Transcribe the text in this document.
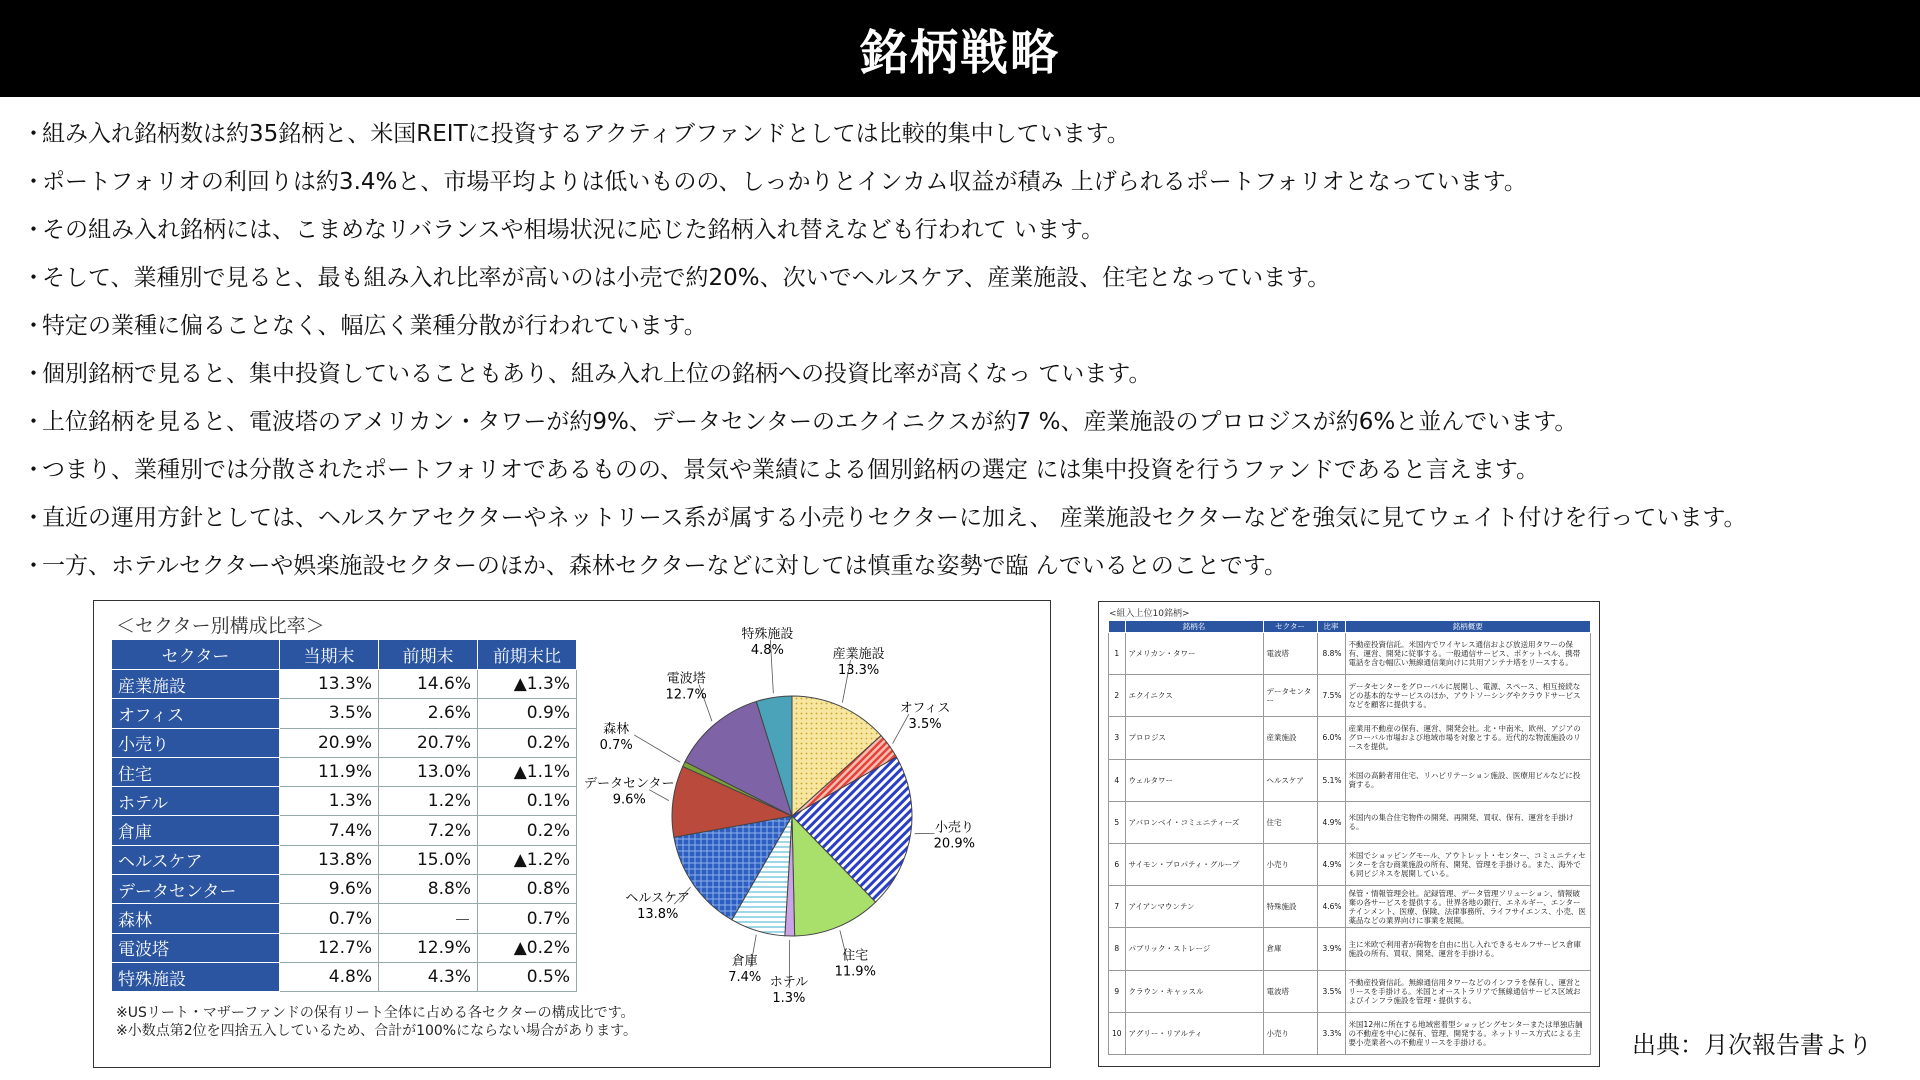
銘柄戦略
・組み入れ銘柄数は約35銘柄と、米国REITに投資するアクティブファンドとしては比較的集中しています。
・ポートフォリオの利回りは約3.4%と、市場平均よりは低いものの、しっかりとインカム収益が積み 上げられるポートフォリオとなっています。
・その組み入れ銘柄には、こまめなリバランスや相場状況に応じた銘柄入れ替えなども行われて います。
・そして、業種別で見ると、最も組み入れ比率が高いのは小売で約20%、次いでヘルスケア、産業施設、住宅となっています。
・特定の業種に偏ることなく、幅広く業種分散が行われています。
・個別銘柄で見ると、集中投資していることもあり、組み入れ上位の銘柄への投資比率が高くなっ ています。
・上位銘柄を見ると、電波塔のアメリカン・タワーが約9%、データセンターのエクイニクスが約7 %、産業施設のプロロジスが約6%と並んでいます。
・つまり、業種別では分散されたポートフォリオであるものの、景気や業績による個別銘柄の選定 には集中投資を行うファンドであると言えます。
・直近の運用方針としては、ヘルスケアセクターやネットリース系が属する小売りセクターに加え、 産業施設セクターなどを強気に見てウェイト付けを行っています。
・一方、ホテルセクターや娯楽施設セクターのほか、森林セクターなどに対しては慎重な姿勢で臨 んでいるとのことです。
＜セクター別構成比率＞
セクター	当期末	前期末	前期末比
産業施設	13.3%	14.6%	▲1.3%
オフィス	3.5%	2.6%	0.9%
小売り	20.9%	20.7%	0.2%
住宅	11.9%	13.0%	▲1.1%
ホテル	1.3%	1.2%	0.1%
倉庫	7.4%	7.2%	0.2%
ヘルスケア	13.8%	15.0%	▲1.2%
データセンター	9.6%	8.8%	0.8%
森林	0.7%	－	0.7%
電波塔	12.7%	12.9%	▲0.2%
特殊施設	4.8%	4.3%	0.5%
※USリート・マザーファンドの保有リート全体に占める各セクターの構成比です。
※小数点第2位を四捨五入しているため、合計が100%にならない場合があります。
産業施設
13.3%
オフィス
3.5%
小売り
20.9%
住宅
11.9%
ホテル
1.3%
倉庫
7.4%
ヘルスケア
13.8%
データセンター
9.6%
森林
0.7%
電波塔
12.7%
特殊施設
4.8%
<組入上位10銘柄>
	銘柄名	セクター	比率	銘柄概要
1	アメリカン・タワー	電波塔	8.8%	不動産投資信託。米国内でワイヤレス通信および放送用タワーの保有、運営、開発に従事する。一般通信サービス、ポケットベル、携帯電話を含む幅広い無線通信業向けに共用アンテナ塔をリースする。
2	エクイニクス	データセンター	7.5%	データセンターをグローバルに展開し、電源、スペース、相互接続などの基本的なサービスのほか、アウトソーシングやクラウドサービスなどを顧客に提供する。
3	プロロジス	産業施設	6.0%	産業用不動産の保有、運営、開発会社。北・中南米、欧州、アジアのグローバル市場および地域市場を対象とする。近代的な物流施設のリースを提供。
4	ウェルタワー	ヘルスケア	5.1%	米国の高齢者用住宅、リハビリテーション施設、医療用ビルなどに投資する。
5	アバロンベイ・コミュニティーズ	住宅	4.9%	米国内の集合住宅物件の開発、再開発、買収、保有、運営を手掛ける。
6	サイモン・プロパティ・グループ	小売り	4.9%	米国でショッピングモール、アウトレット・センター、コミュニティセンターを含む商業施設の所有、開発、管理を手掛ける。また、海外でも同ビジネスを展開している。
7	アイアンマウンテン	特殊施設	4.6%	保管・情報管理会社。記録管理、データ管理ソリューション、情報破棄の各サービスを提供する。世界各地の銀行、エネルギー、エンターテインメント、医療、保険、法律事務所、ライフサイエンス、小売、医薬品などの業界向けに事業を展開。
8	パブリック・ストレージ	倉庫	3.9%	主に米欧で利用者が荷物を自由に出し入れできるセルフサービス倉庫施設の所有、買収、開発、運営を手掛ける。
9	クラウン・キャッスル	電波塔	3.5%	不動産投資信託。無線通信用タワーなどのインフラを保有し、運営とリースを手掛ける。米国とオーストラリアで無線通信サービス区域およびインフラ施設を管理・提供する。
10	アグリー・リアルティ	小売り	3.3%	米国12州に所在する地域密着型ショッピングセンターまたは単独店舗の不動産を中心に保有、管理、開発する。ネットリース方式による主要小売業者への不動産リースを手掛ける。	出典：月次報告書より
